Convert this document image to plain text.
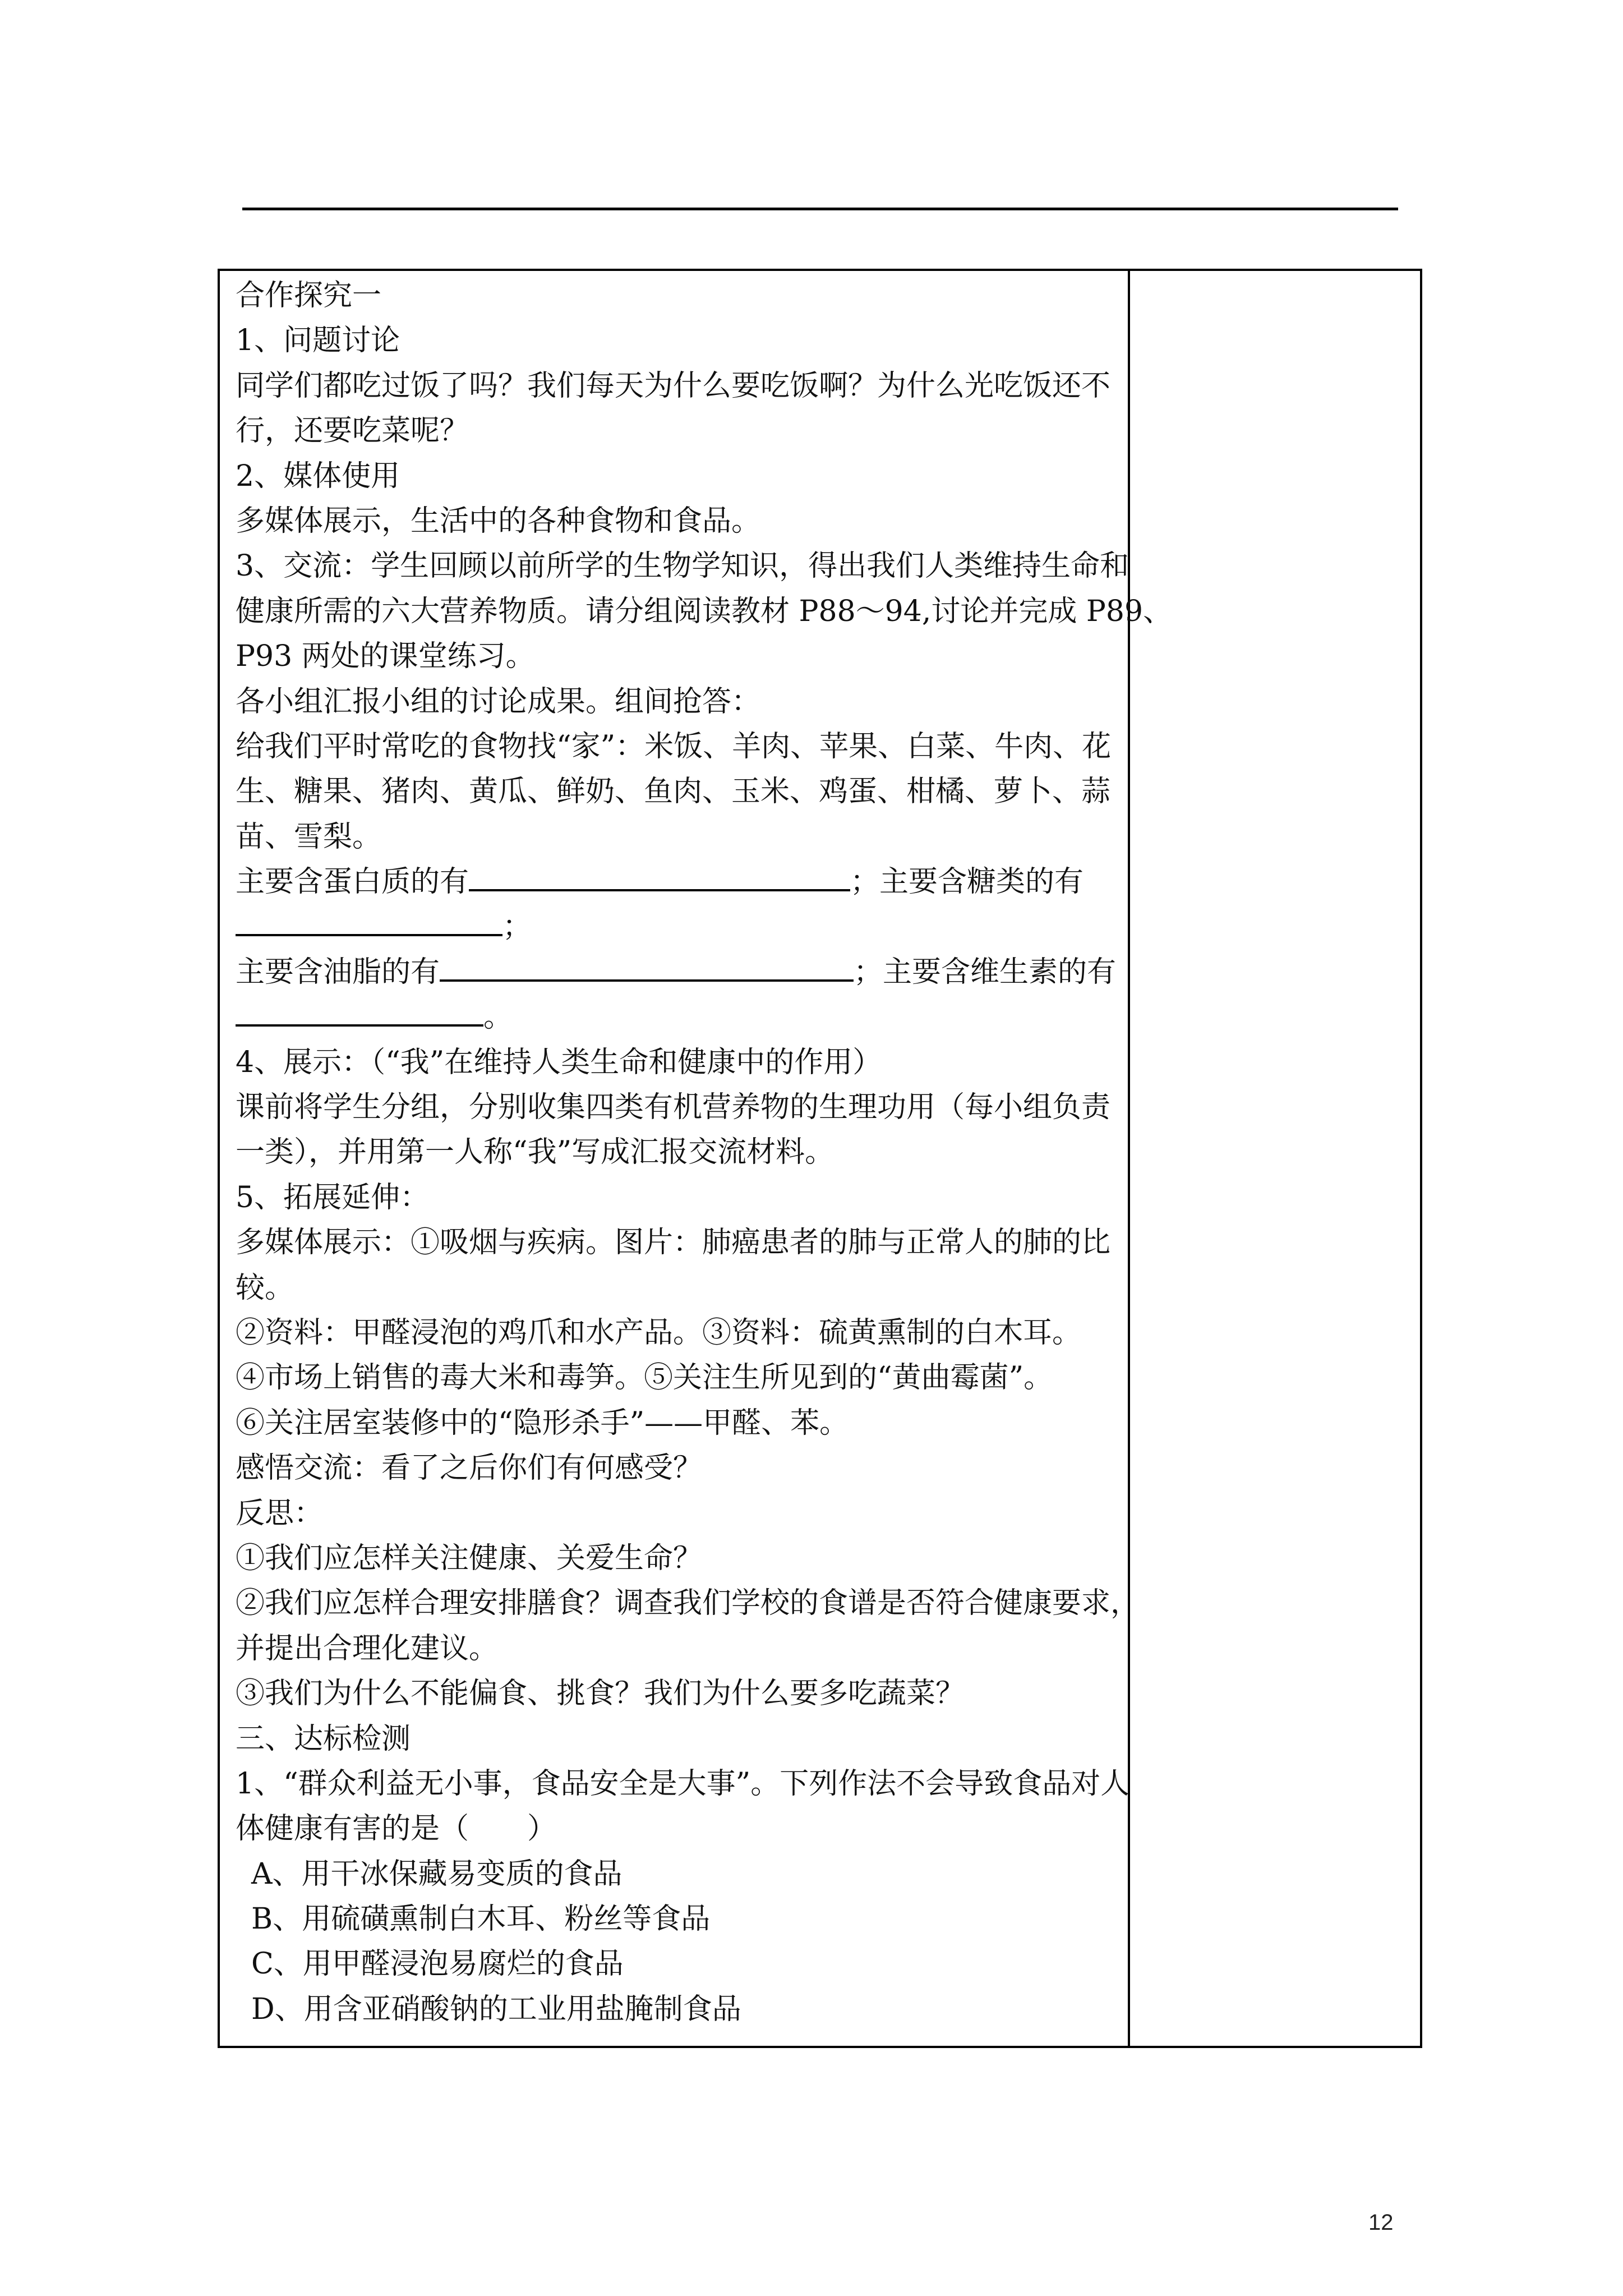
合作探究一
1、问题讨论
同学们都吃过饭了吗？我们每天为什么要吃饭啊？为什么光吃饭还不
行，还要吃菜呢？
2、媒体使用
多媒体展示，生活中的各种食物和食品。
3、交流：学生回顾以前所学的生物学知识，得出我们人类维持生命和
健康所需的六大营养物质。请分组阅读教材 P88～94,讨论并完成 P89、
P93 两处的课堂练习。
各小组汇报小组的讨论成果。组间抢答：
给我们平时常吃的食物找“家”：米饭、羊肉、苹果、白菜、牛肉、花
生、糖果、猪肉、黄瓜、鲜奶、鱼肉、玉米、鸡蛋、柑橘、萝卜、蒜
苗、雪梨。
主要含蛋白质的有	；主要含糖类的有
；
主要含油脂的有	；主要含维生素的有
。
4、展示：（“我”在维持人类生命和健康中的作用）
课前将学生分组，分别收集四类有机营养物的生理功用（每小组负责
一类），并用第一人称“我”写成汇报交流材料。
5、拓展延伸：
多媒体展示：①吸烟与疾病。图片：肺癌患者的肺与正常人的肺的比
较。
②资料：甲醛浸泡的鸡爪和水产品。③资料：硫黄熏制的白木耳。
④市场上销售的毒大米和毒笋。⑤关注生所见到的“黄曲霉菌”。
⑥关注居室装修中的“隐形杀手”——甲醛、苯。
感悟交流：看了之后你们有何感受？
反思：
①我们应怎样关注健康、关爱生命？
②我们应怎样合理安排膳食？调查我们学校的食谱是否符合健康要求，
并提出合理化建议。
③我们为什么不能偏食、挑食？我们为什么要多吃蔬菜？
三、达标检测
1、“群众利益无小事，食品安全是大事”。下列作法不会导致食品对人
体健康有害的是（　　）
A、用干冰保藏易变质的食品
B、用硫磺熏制白木耳、粉丝等食品
C、用甲醛浸泡易腐烂的食品
D、用含亚硝酸钠的工业用盐腌制食品
12
